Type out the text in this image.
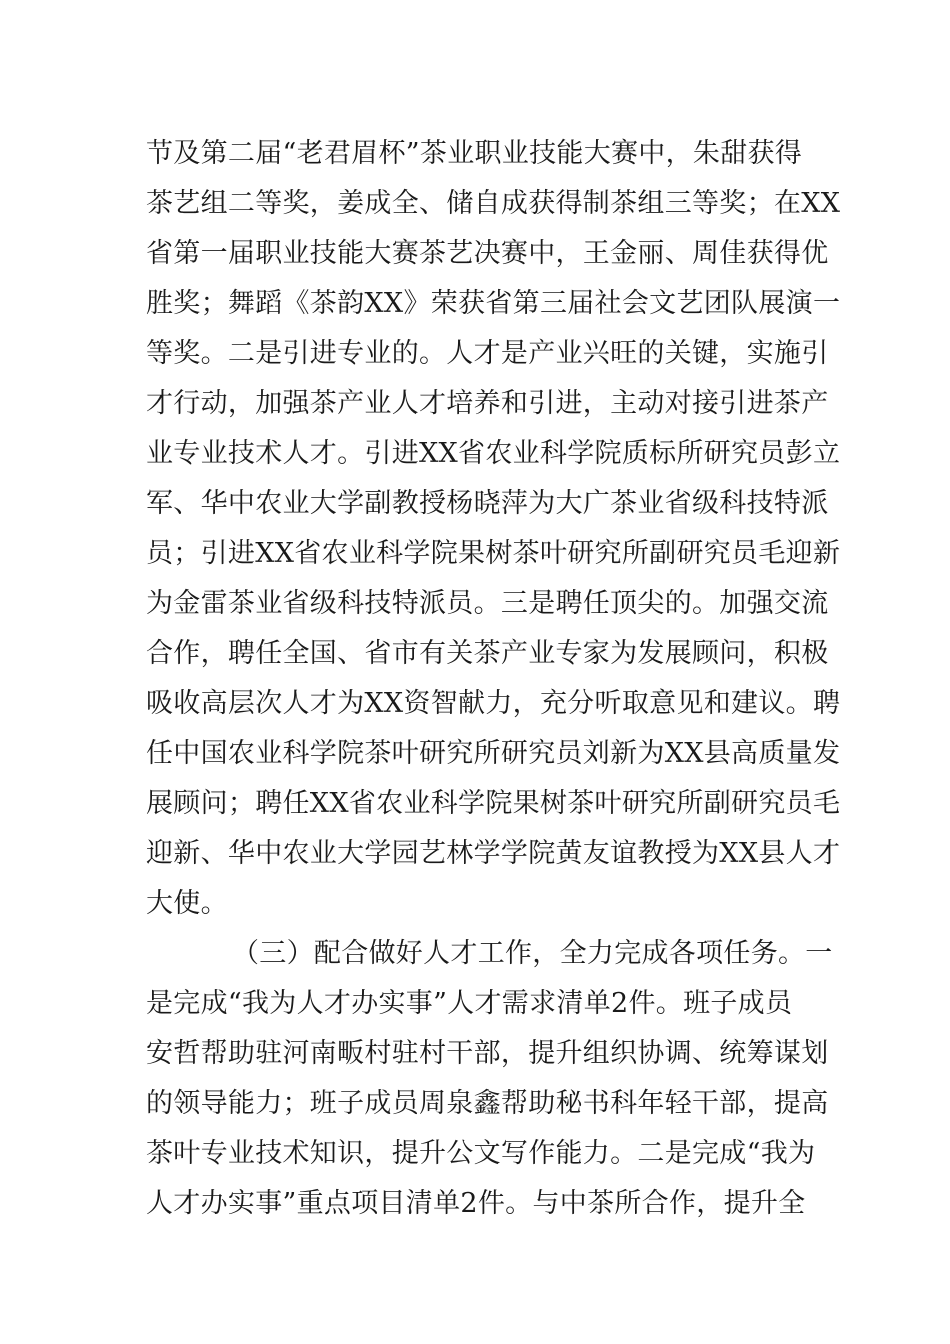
节及第二届“老君眉杯”茶业职业技能大赛中，朱甜获得
茶艺组二等奖，姜成全、储自成获得制茶组三等奖；在XX
省第一届职业技能大赛茶艺决赛中，王金丽、周佳获得优
胜奖；舞蹈《茶韵XX》荣获省第三届社会文艺团队展演一
等奖。二是引进专业的。人才是产业兴旺的关键，实施引
才行动，加强茶产业人才培养和引进，主动对接引进茶产
业专业技术人才。引进XX省农业科学院质标所研究员彭立
军、华中农业大学副教授杨晓萍为大广茶业省级科技特派
员；引进XX省农业科学院果树茶叶研究所副研究员毛迎新
为金雷茶业省级科技特派员。三是聘任顶尖的。加强交流
合作，聘任全国、省市有关茶产业专家为发展顾问，积极
吸收高层次人才为XX资智献力，充分听取意见和建议。聘
任中国农业科学院茶叶研究所研究员刘新为XX县高质量发
展顾问；聘任XX省农业科学院果树茶叶研究所副研究员毛
迎新、华中农业大学园艺林学学院黄友谊教授为XX县人才
大使。
（三）配合做好人才工作，全力完成各项任务。一
是完成“我为人才办实事”人才需求清单2件。班子成员
安哲帮助驻河南畈村驻村干部，提升组织协调、统筹谋划
的领导能力；班子成员周泉鑫帮助秘书科年轻干部，提高
茶叶专业技术知识，提升公文写作能力。二是完成“我为
人才办实事”重点项目清单2件。与中茶所合作，提升全
